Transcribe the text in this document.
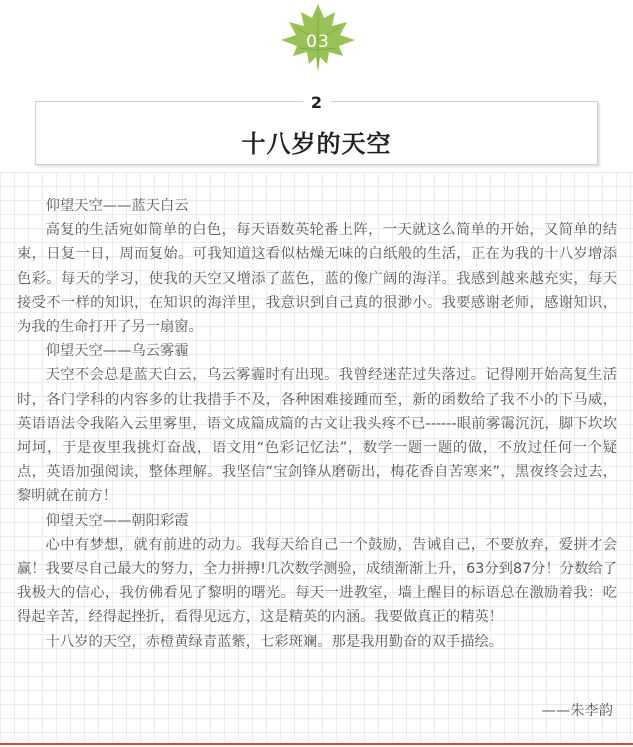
03
2
十八岁的天空

仰望天空——蓝天白云

高复的生活宛如简单的白色，每天语数英轮番上阵，一天就这么简单的开始，又简单的结束，日复一日，周而复始。可我知道这看似枯燥无味的白纸般的生活，正在为我的十八岁增添色彩。每天的学习，使我的天空又增添了蓝色，蓝的像广阔的海洋。我感到越来越充实，每天接受不一样的知识，在知识的海洋里，我意识到自己真的很渺小。我要感谢老师，感谢知识，为我的生命打开了另一扇窗。

仰望天空——乌云雾霾

天空不会总是蓝天白云，乌云雾霾时有出现。我曾经迷茫过失落过。记得刚开始高复生活时，各门学科的内容多的让我措手不及，各种困难接踵而至，新的函数给了我不小的下马威，英语语法令我陷入云里雾里，语文成篇成篇的古文让我头疼不已------眼前雾霭沉沉，脚下坎坎坷坷，于是夜里我挑灯奋战，语文用“色彩记忆法”，数学一题一题的做，不放过任何一个疑点，英语加强阅读，整体理解。我坚信“宝剑锋从磨砺出，梅花香自苦寒来”，黑夜终会过去，黎明就在前方！

仰望天空——朝阳彩霞

心中有梦想，就有前进的动力。我每天给自己一个鼓励，告诫自己，不要放弃，爱拼才会赢！我要尽自己最大的努力，全力拼搏!几次数学测验，成绩渐渐上升，63分到87分！分数给了我极大的信心，我仿佛看见了黎明的曙光。每天一进教室，墙上醒目的标语总在激励着我：吃得起辛苦，经得起挫折，看得见远方，这是精英的内涵。我要做真正的精英！

十八岁的天空，赤橙黄绿青蓝紫，七彩斑斓。那是我用勤奋的双手描绘。

——朱李韵
